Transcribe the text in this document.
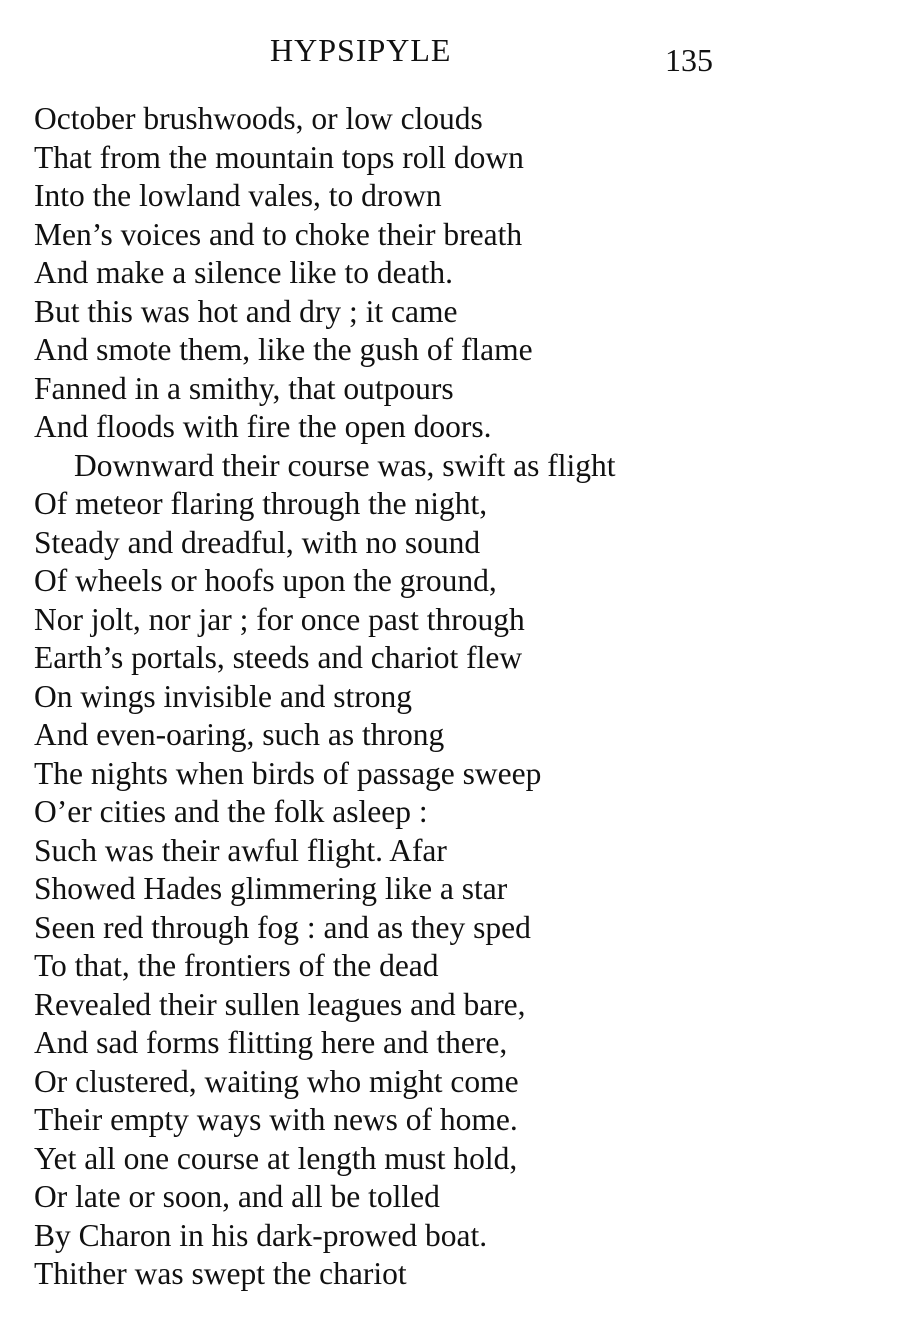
HYPSIPYLE	135
October brushwoods, or low clouds
That from the mountain tops roll down
Into the lowland vales, to drown
Men’s voices and to choke their breath
And make a silence like to death.
But this was hot and dry ; it came
And smote them, like the gush of flame
Fanned in a smithy, that outpours
And floods with fire the open doors.
Downward their course was, swift as flight
Of meteor flaring through the night,
Steady and dreadful, with no sound
Of wheels or hoofs upon the ground,
Nor jolt, nor jar ; for once past through
Earth’s portals, steeds and chariot flew
On wings invisible and strong
And even-oaring, such as throng
The nights when birds of passage sweep
O’er cities and the folk asleep :
Such was their awful flight. Afar
Showed Hades glimmering like a star
Seen red through fog : and as they sped
To that, the frontiers of the dead
Revealed their sullen leagues and bare,
And sad forms flitting here and there,
Or clustered, waiting who might come
Their empty ways with news of home.
Yet all one course at length must hold,
Or late or soon, and all be tolled
By Charon in his dark-prowed boat.
Thither was swept the chariot
